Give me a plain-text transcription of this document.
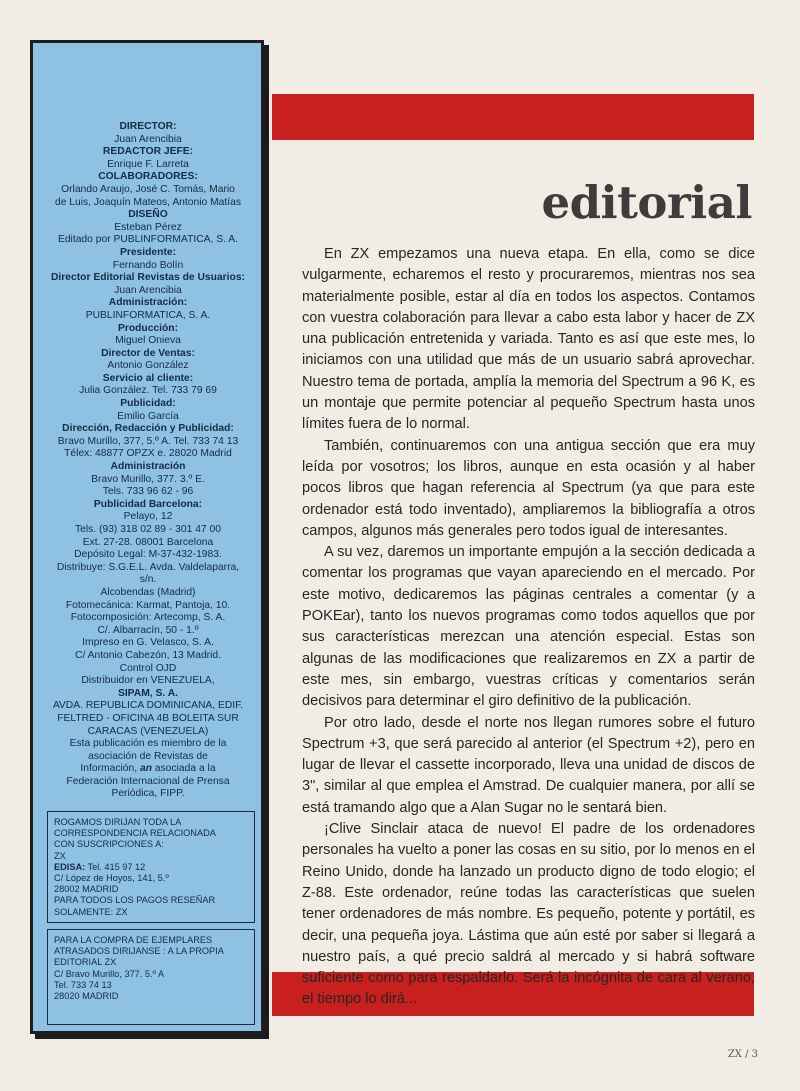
DIRECTOR:
Juan Arencibia
REDACTOR JEFE:
Enrique F. Larreta
COLABORADORES:
Orlando Araujo, José C. Tomás, Mario
de Luis, Joaquín Mateos, Antonio Matías
DISEÑO
Esteban Pérez
Editado por PUBLINFORMATICA, S. A.
Presidente:
Fernando Bolín
Director Editorial Revistas de Usuarios:
Juan Arencibia
Administración:
PUBLINFORMATICA, S. A.
Producción:
Miguel Onieva
Director de Ventas:
Antonio González
Servicio al cliente:
Julia González. Tel. 733 79 69
Publicidad:
Emilio García
Dirección, Redacción y Publicidad:
Bravo Murillo, 377, 5.º A. Tel. 733 74 13
Télex: 48877 OPZX e. 28020 Madrid
Administración
Bravo Murillo, 377. 3.º E.
Tels. 733 96 62 - 96
Publicidad Barcelona:
Pelayo, 12
Tels. (93) 318 02 89 - 301 47 00
Ext. 27-28. 08001 Barcelona
Depósito Legal: M-37-432-1983.
Distribuye: S.G.E.L. Avda. Valdelaparra,
s/n.
Alcobendas (Madrid)
Fotomecánica: Karmat, Pantoja, 10.
Fotocomposición: Artecomp, S. A.
C/. Albarracín, 50 - 1.º
Impreso en G. Velasco, S. A.
C/ Antonio Cabezón, 13 Madrid.
Control OJD
Distribuidor en VENEZUELA,
SIPAM, S. A.
AVDA. REPUBLICA DOMINICANA, EDIF.
FELTRED - OFICINA 4B BOLEITA SUR
CARACAS (VENEZUELA)
Esta publicación es miembro de la
asociación de Revistas de
Información, an asociada a la
Federación Internacional de Prensa
Periódica, FIPP.
ROGAMOS DIRIJAN TODA LA
CORRESPONDENCIA RELACIONADA
CON SUSCRIPCIONES A:
ZX
EDISA: Tel. 415 97 12
C/ López de Hoyos, 141, 5.º
28002 MADRID
PARA TODOS LOS PAGOS RESEÑAR
SOLAMENTE: ZX
PARA LA COMPRA DE EJEMPLARES
ATRASADOS DIRIJANSE : A LA PROPIA
EDITORIAL ZX
C/ Bravo Murillo, 377. 5.º A
Tel. 733 74 13
28020 MADRID
editorial

En ZX empezamos una nueva etapa. En ella, como se dice vulgarmente, echaremos el resto y procuraremos, mientras nos sea materialmente posible, estar al día en todos los aspectos. Contamos con vuestra colaboración para llevar a cabo esta labor y hacer de ZX una publicación entretenida y variada. Tanto es así que este mes, lo iniciamos con una utilidad que más de un usuario sabrá aprovechar. Nuestro tema de portada, amplía la memoria del Spectrum a 96 K, es un montaje que permite potenciar al pequeño Spectrum hasta unos límites fuera de lo normal.

También, continuaremos con una antigua sección que era muy leída por vosotros; los libros, aunque en esta ocasión y al haber pocos libros que hagan referencia al Spectrum (ya que para este ordenador está todo inventado), ampliaremos la bibliografía a otros campos, algunos más generales pero todos igual de interesantes.

A su vez, daremos un importante empujón a la sección dedicada a comentar los programas que vayan apareciendo en el mercado. Por este motivo, dedicaremos las páginas centrales a comentar (y a POKEar), tanto los nuevos programas como todos aquellos que por sus características merezcan una atención especial. Estas son algunas de las modificaciones que realizaremos en ZX a partir de este mes, sin embargo, vuestras críticas y comentarios serán decisivos para determinar el giro definitivo de la publicación.

Por otro lado, desde el norte nos llegan rumores sobre el futuro Spectrum +3, que será parecido al anterior (el Spectrum +2), pero en lugar de llevar el cassette incorporado, lleva una unidad de discos de 3", similar al que emplea el Amstrad. De cualquier manera, por allí se está tramando algo que a Alan Sugar no le sentará bien.

¡Clive Sinclair ataca de nuevo! El padre de los ordenadores personales ha vuelto a poner las cosas en su sitio, por lo menos en el Reino Unido, donde ha lanzado un producto digno de todo elogio; el Z-88. Este ordenador, reúne todas las características que suelen tener ordenadores de más nombre. Es pequeño, potente y portátil, es decir, una pequeña joya. Lástima que aún esté por saber si llegará a nuestro país, a qué precio saldrá al mercado y si habrá software suficiente como para respaldarlo. Será la incógnita de cara al verano, el tiempo lo dirá...

ZX / 3
